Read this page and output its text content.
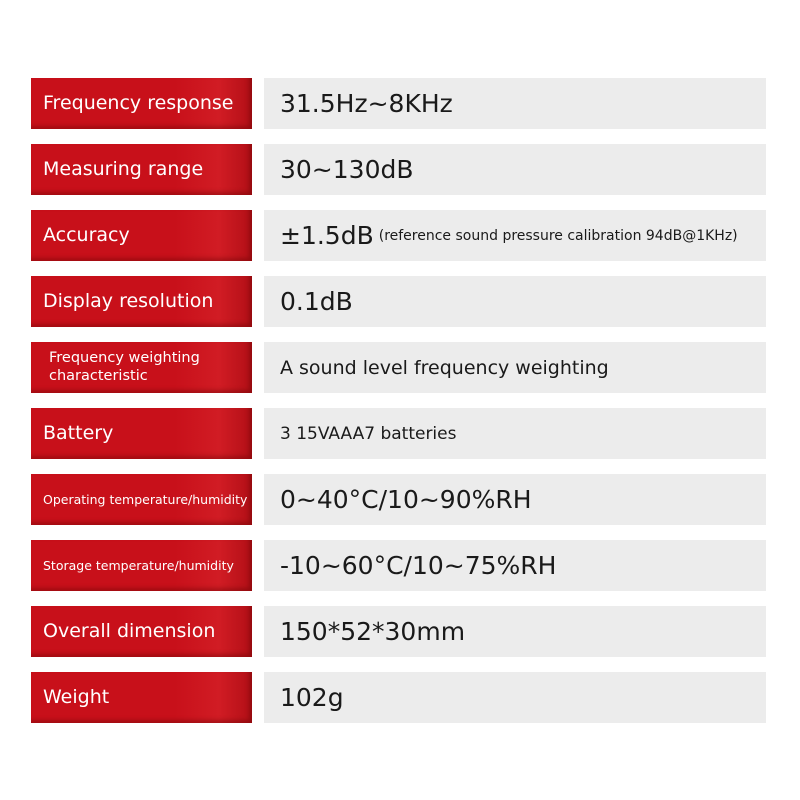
Frequency response	31.5Hz~8KHz
Measuring range	30~130dB
Accuracy	±1.5dB (reference sound pressure calibration 94dB@1KHz)
Display resolution	0.1dB
Frequency weighting characteristic	A sound level frequency weighting
Battery	3 15VAAA7 batteries
Operating temperature/humidity	0~40°C/10~90%RH
Storage temperature/humidity	-10~60°C/10~75%RH
Overall dimension	150*52*30mm
Weight	102g
